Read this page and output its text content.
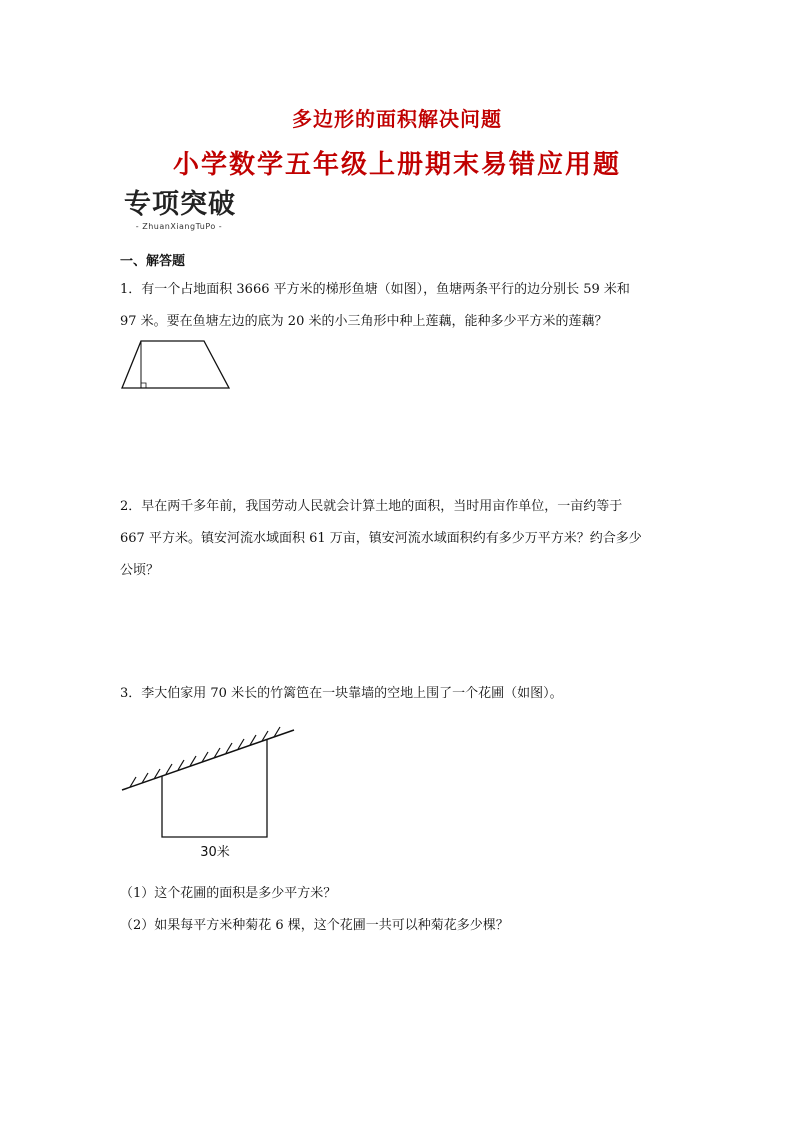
多边形的面积解决问题
小学数学五年级上册期末易错应用题
专项突破
- ZhuanXiangTuPo -
一、解答题
1．有一个占地面积 3666 平方米的梯形鱼塘（如图），鱼塘两条平行的边分别长 59 米和
97 米。要在鱼塘左边的底为 20 米的小三角形中种上莲藕，能种多少平方米的莲藕？
2．早在两千多年前，我国劳动人民就会计算土地的面积，当时用亩作单位，一亩约等于
667 平方米。镇安河流水域面积 61 万亩，镇安河流水域面积约有多少万平方米？约合多少
公顷？
3．李大伯家用 70 米长的竹篱笆在一块靠墙的空地上围了一个花圃（如图）。
30米
（1）这个花圃的面积是多少平方米？
（2）如果每平方米种菊花 6 棵，这个花圃一共可以种菊花多少棵？
